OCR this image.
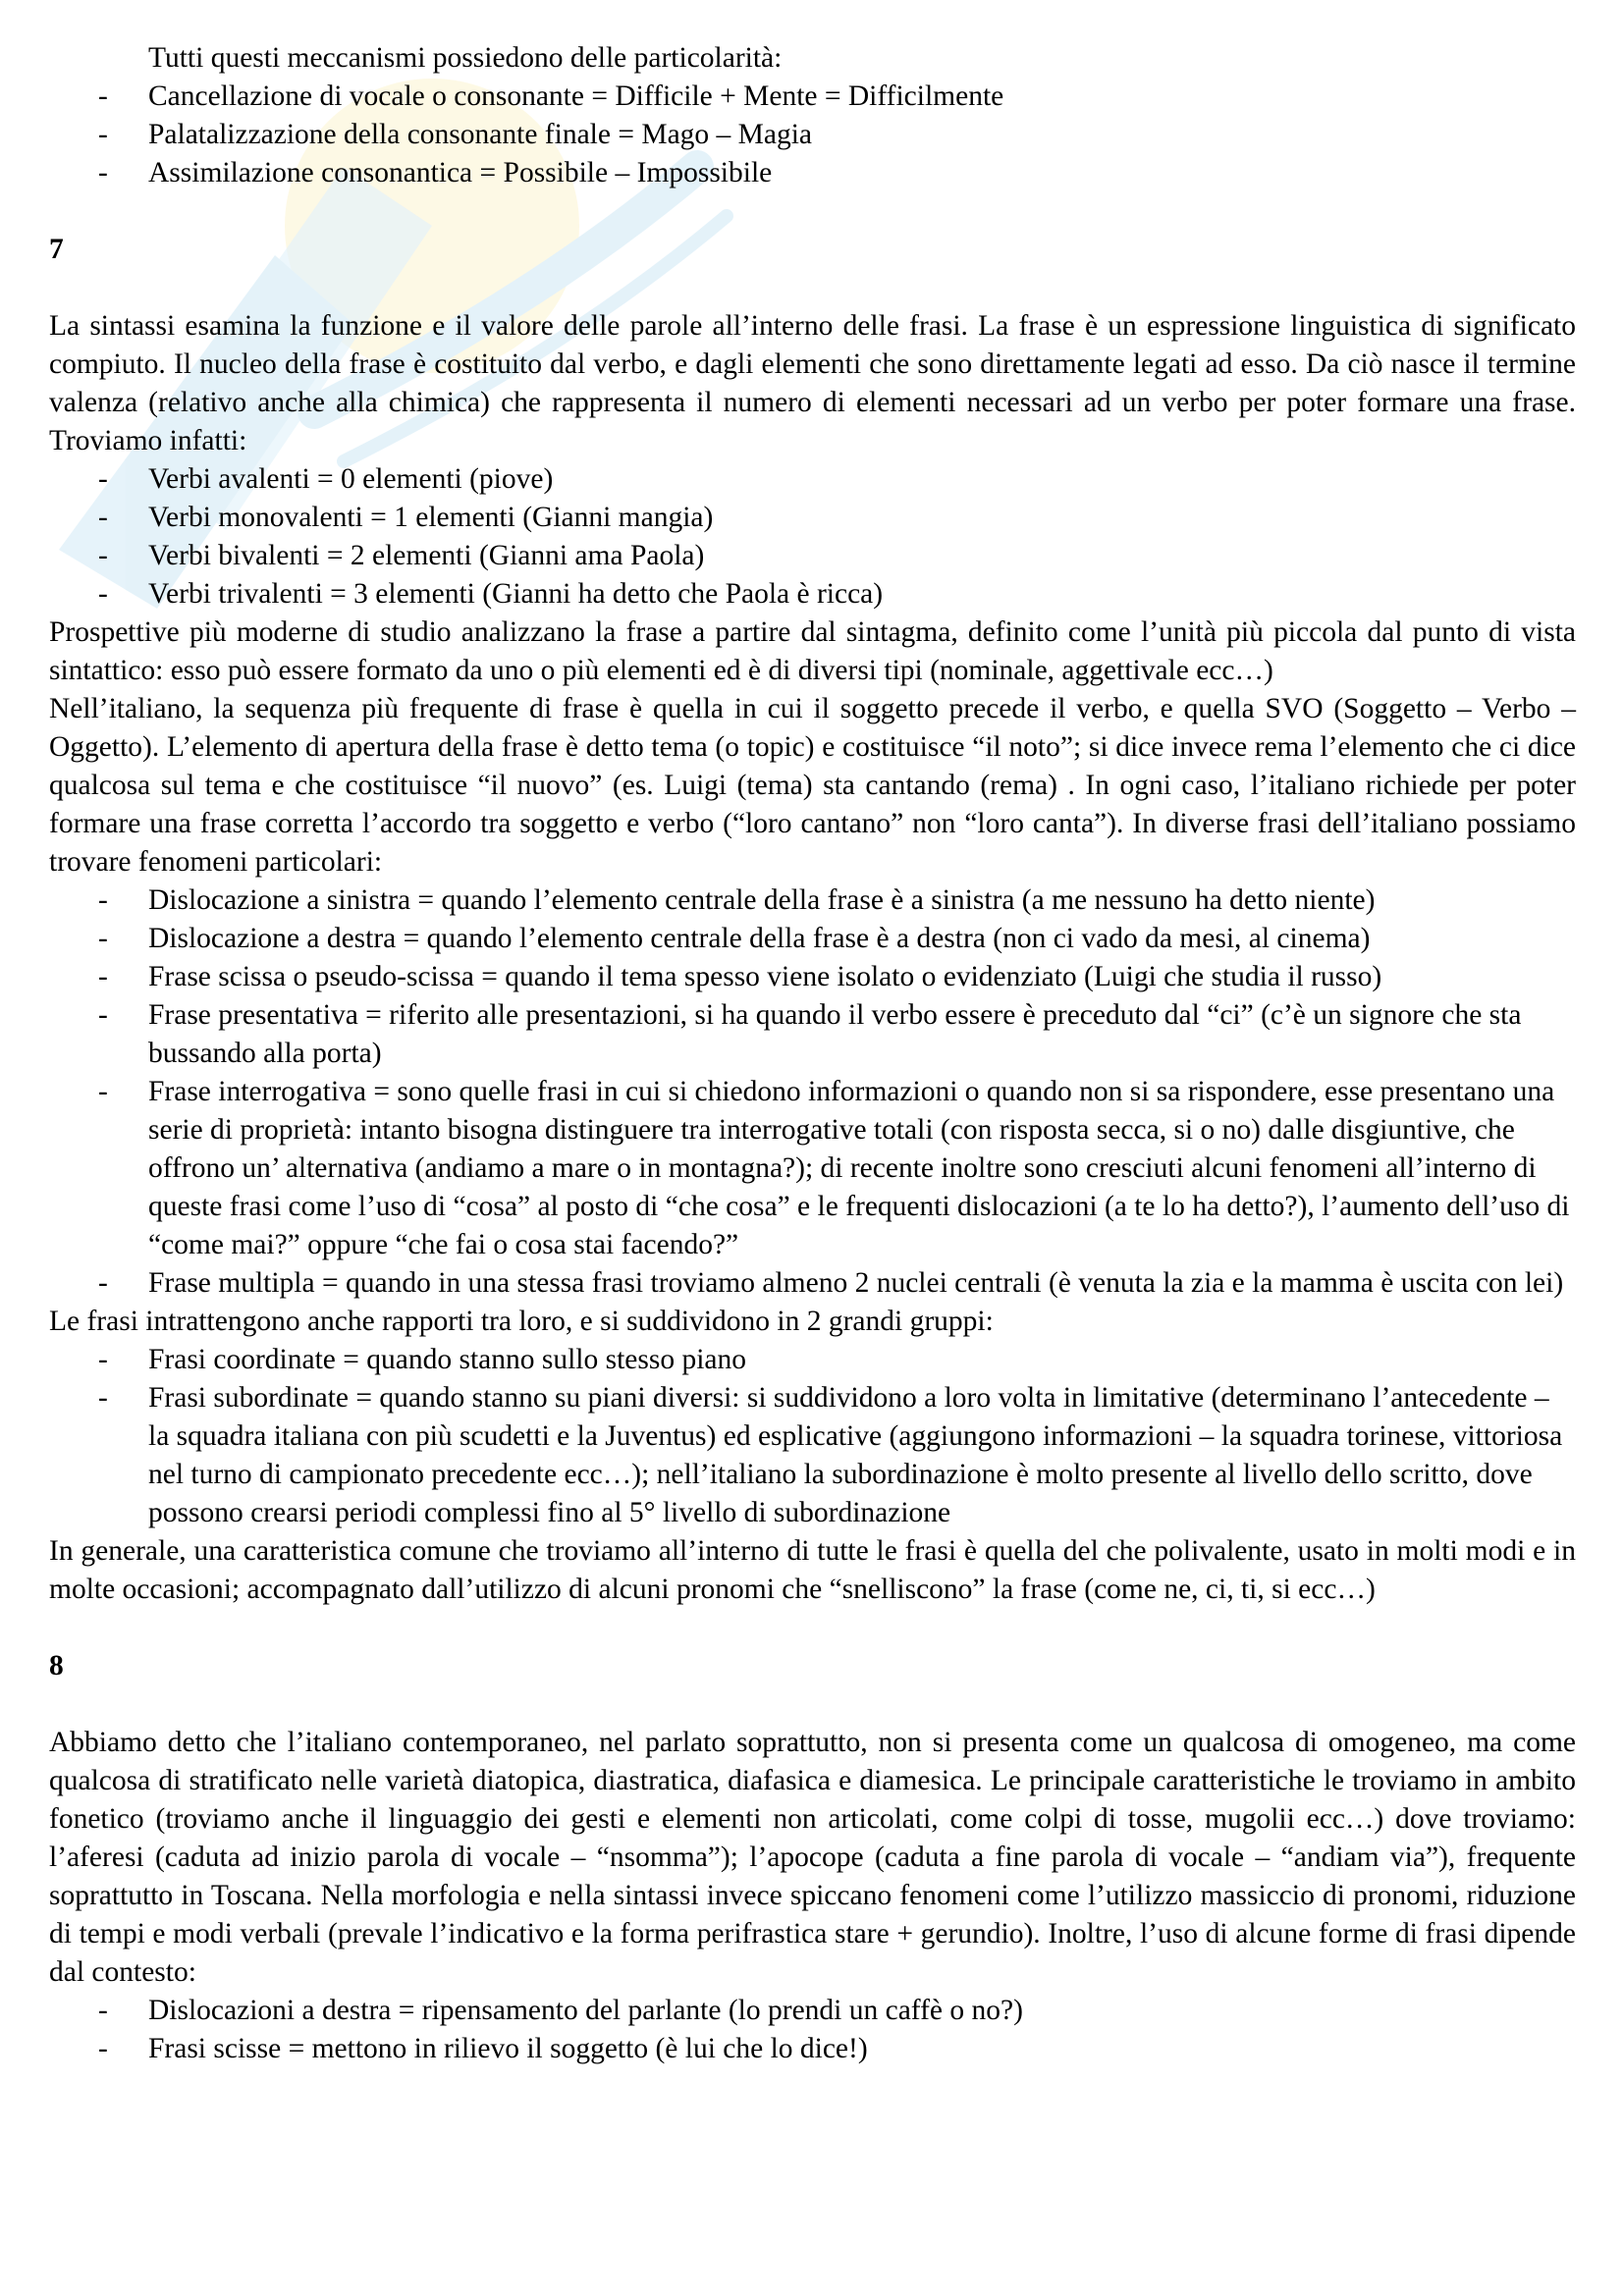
Tutti questi meccanismi possiedono delle particolarità:

- Cancellazione di vocale o consonante = Difficile + Mente = Difficilmente
- Palatalizzazione della consonante finale = Mago – Magia
- Assimilazione consonantica = Possibile – Impossibile

7

La sintassi esamina la funzione e il valore delle parole all’interno delle frasi. La frase è un espressione linguistica di significato compiuto. Il nucleo della frase è costituito dal verbo, e dagli elementi che sono direttamente legati ad esso. Da ciò nasce il termine valenza (relativo anche alla chimica) che rappresenta il numero di elementi necessari ad un verbo per poter formare una frase. Troviamo infatti:

- Verbi avalenti = 0 elementi (piove)
- Verbi monovalenti = 1 elementi (Gianni mangia)
- Verbi bivalenti = 2 elementi (Gianni ama Paola)
- Verbi trivalenti = 3 elementi (Gianni ha detto che Paola è ricca)

Prospettive più moderne di studio analizzano la frase a partire dal sintagma, definito come l’unità più piccola dal punto di vista sintattico: esso può essere formato da uno o più elementi ed è di diversi tipi (nominale, aggettivale ecc…)

Nell’italiano, la sequenza più frequente di frase è quella in cui il soggetto precede il verbo, e quella SVO (Soggetto – Verbo – Oggetto). L’elemento di apertura della frase è detto tema (o topic) e costituisce “il noto”; si dice invece rema l’elemento che ci dice qualcosa sul tema e che costituisce “il nuovo” (es. Luigi (tema) sta cantando (rema) . In ogni caso, l’italiano richiede per poter formare una frase corretta l’accordo tra soggetto e verbo (“loro cantano” non “loro canta”). In diverse frasi dell’italiano possiamo trovare fenomeni particolari:

- Dislocazione a sinistra = quando l’elemento centrale della frase è a sinistra (a me nessuno ha detto niente)
- Dislocazione a destra = quando l’elemento centrale della frase è a destra (non ci vado da mesi, al cinema)
- Frase scissa o pseudo-scissa = quando il tema spesso viene isolato o evidenziato (Luigi che studia il russo)
- Frase presentativa = riferito alle presentazioni, si ha quando il verbo essere è preceduto dal “ci” (c’è un signore che sta bussando alla porta)
- Frase interrogativa = sono quelle frasi in cui si chiedono informazioni o quando non si sa rispondere, esse presentano una serie di proprietà: intanto bisogna distinguere tra interrogative totali (con risposta secca, si o no) dalle disgiuntive, che offrono un’ alternativa (andiamo a mare o in montagna?); di recente inoltre sono cresciuti alcuni fenomeni all’interno di queste frasi come l’uso di “cosa” al posto di “che cosa” e le frequenti dislocazioni (a te lo ha detto?), l’aumento dell’uso di “come mai?” oppure “che fai o cosa stai facendo?”
- Frase multipla = quando in una stessa frasi troviamo almeno 2 nuclei centrali (è venuta la zia e la mamma è uscita con lei)

Le frasi intrattengono anche rapporti tra loro, e si suddividono in 2 grandi gruppi:

- Frasi coordinate = quando stanno sullo stesso piano
- Frasi subordinate = quando stanno su piani diversi: si suddividono a loro volta in limitative (determinano l’antecedente – la squadra italiana con più scudetti e la Juventus) ed esplicative (aggiungono informazioni – la squadra torinese, vittoriosa nel turno di campionato precedente ecc…); nell’italiano la subordinazione è molto presente al livello dello scritto, dove possono crearsi periodi complessi fino al 5° livello di subordinazione

In generale, una caratteristica comune che troviamo all’interno di tutte le frasi è quella del che polivalente, usato in molti modi e in molte occasioni; accompagnato dall’utilizzo di alcuni pronomi che “snelliscono” la frase (come ne, ci, ti, si ecc…)

8

Abbiamo detto che l’italiano contemporaneo, nel parlato soprattutto, non si presenta come un qualcosa di omogeneo, ma come qualcosa di stratificato nelle varietà diatopica, diastratica, diafasica e diamesica. Le principale caratteristiche le troviamo in ambito fonetico (troviamo anche il linguaggio dei gesti e elementi non articolati, come colpi di tosse, mugolii ecc…) dove troviamo: l’aferesi (caduta ad inizio parola di vocale – “nsomma”); l’apocope (caduta a fine parola di vocale – “andiam via”), frequente soprattutto in Toscana. Nella morfologia e nella sintassi invece spiccano fenomeni come l’utilizzo massiccio di pronomi, riduzione di tempi e modi verbali (prevale l’indicativo e la forma perifrastica stare + gerundio). Inoltre, l’uso di alcune forme di frasi dipende dal contesto:

- Dislocazioni a destra = ripensamento del parlante (lo prendi un caffè o no?)
- Frasi scisse = mettono in rilievo il soggetto (è lui che lo dice!)
